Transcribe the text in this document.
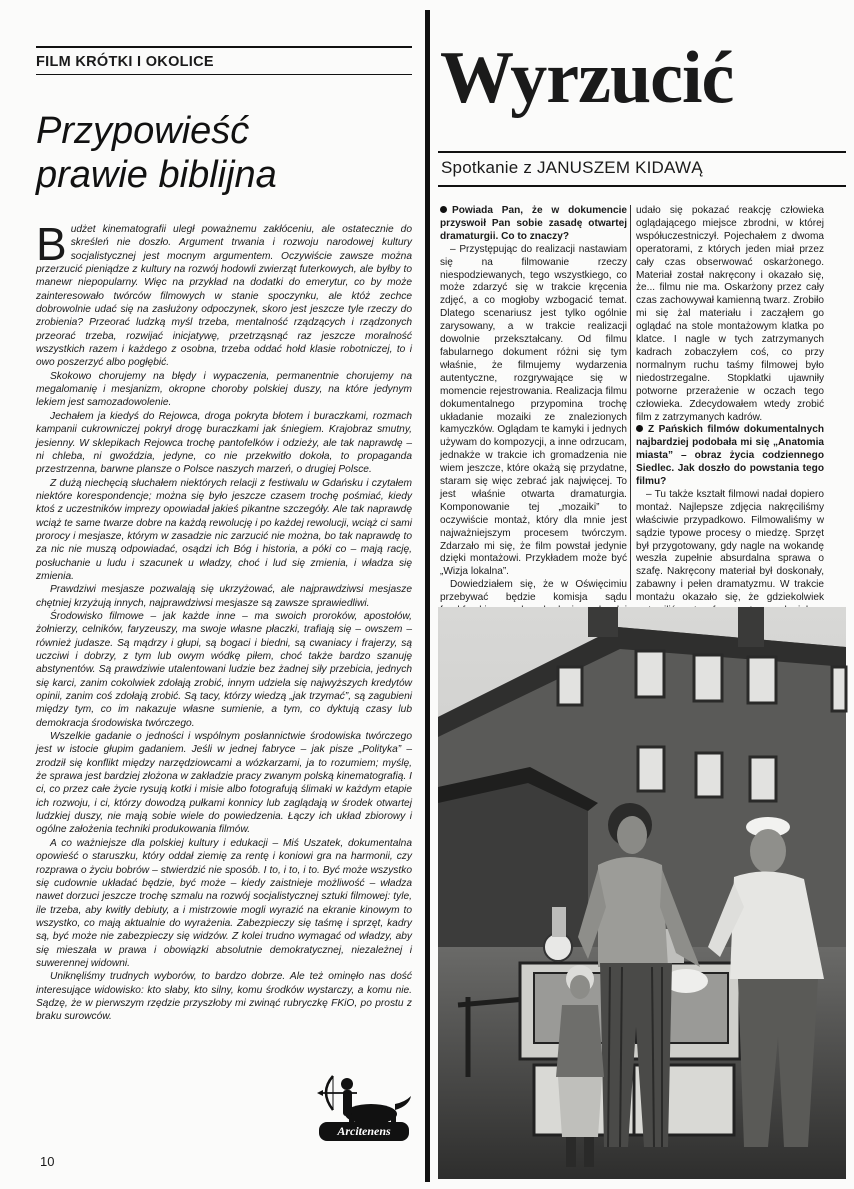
FILM KRÓTKI I OKOLICE
Przypowieść
prawie biblijna

Budżet kinematografii uległ poważnemu zakłóceniu, ale ostatecznie do skreśleń nie doszło. Argument trwania i rozwoju narodowej kultury socjalistycznej jest mocnym argumentem. Oczywiście zawsze można przerzucić pieniądze z kultury na rozwój hodowli zwierząt futerkowych, ale byłby to manewr niepopularny. Więc na przykład na dodatki do emerytur, co by może zainteresowało twórców filmowych w stanie spoczynku, ale któż zechce dobrowolnie udać się na zasłużony odpoczynek, skoro jest jeszcze tyle rzeczy do zrobienia? Przeorać ludzką myśl trzeba, mentalność rządzących i rządzonych przeorać trzeba, rozwijać inicjatywę, przetrząsnąć raz jeszcze moralność wszystkich razem i każdego z osobna, trzeba oddać hołd klasie robotniczej, to i owo poszerzyć albo pogłębić.

Skokowo chorujemy na błędy i wypaczenia, permanentnie chorujemy na megalomanię i mesjanizm, okropne choroby polskiej duszy, na które jedynym lekiem jest samozadowolenie.

Jechałem ja kiedyś do Rejowca, droga pokryta błotem i buraczkami, rozmach kampanii cukrowniczej pokrył drogę buraczkami jak śniegiem. Krajobraz smutny, jesienny. W sklepikach Rejowca trochę pantofelków i odzieży, ale tak naprawdę – ni chleba, ni gwoździa, jedyne, co nie przekwitło dokoła, to propaganda przestrzenna, barwne plansze o Polsce naszych marzeń, o drugiej Polsce.

Z dużą niechęcią słuchałem niektórych relacji z festiwalu w Gdańsku i czytałem niektóre korespondencje; można się było jeszcze czasem trochę pośmiać, kiedy ktoś z uczestników imprezy opowiadał jakieś pikantne szczegóły. Ale tak naprawdę wciąż te same twarze dobre na każdą rewolucję i po każdej rewolucji, wciąż ci sami prorocy i mesjasze, którym w zasadzie nic zarzucić nie można, bo tak naprawdę to za nic nie muszą odpowiadać, osądzi ich Bóg i historia, a póki co – mają rację, posłuchanie u ludu i szacunek u władzy, choć i lud się zmienia, i władza się zmienia.

Prawdziwi mesjasze pozwalają się ukrzyżować, ale najprawdziwsi mesjasze chętniej krzyżują innych, najprawdziwsi mesjasze są zawsze sprawiedliwi.

Środowisko filmowe – jak każde inne – ma swoich proroków, apostołów, żołnierzy, celników, faryzeuszy, ma swoje własne płaczki, trafiają się – owszem – również judasze. Są mądrzy i głupi, są bogaci i biedni, są cwaniacy i frajerzy, są uczciwi i dobrzy, z tym lub owym wódkę piłem, choć także bardzo szanuję abstynentów. Są prawdziwie utalentowani ludzie bez żadnej siły przebicia, jednych się karci, zanim cokolwiek zdołają zrobić, innym udziela się najwyższych kredytów opinii, zanim coś zdołają zrobić. Są tacy, którzy wiedzą „jak trzymać”, są zagubieni między tym, co im nakazuje własne sumienie, a tym, co dyktują czasy lub demokracja środowiska twórczego.

Wszelkie gadanie o jedności i wspólnym posłannictwie środowiska twórczego jest w istocie głupim gadaniem. Jeśli w jednej fabryce – jak pisze „Polityka” – zrodził się konflikt między narzędziowcami a wózkarzami, ja to rozumiem; myślę, że sprawa jest bardziej złożona w zakładzie pracy zwanym polską kinematografią. I ci, co przez całe życie rysują kotki i misie albo fotografują ślimaki w każdym etapie ich rozwoju, i ci, którzy dowodzą pułkami konnicy lub zaglądają w środek otwartej ludzkiej duszy, nie mają sobie wiele do powiedzenia. Łączy ich układ zbiorowy i ogólne założenia techniki produkowania filmów.

A co ważniejsze dla polskiej kultury i edukacji – Miś Uszatek, dokumentalna opowieść o staruszku, który oddał ziemię za rentę i koniowi gra na harmonii, czy rozprawa o życiu bobrów – stwierdzić nie sposób. I to, i to, i to. Być może wszystko się cudownie układać będzie, być może – kiedy zaistnieje możliwość – władza nawet dorzuci jeszcze trochę szmalu na rozwój socjalistycznej sztuki filmowej: tyle, ile trzeba, aby kwitły debiuty, a i mistrzowie mogli wyrazić na ekranie kinowym to wszystko, co mają aktualnie do wyrażenia. Zabezpieczy się taśmę i sprzęt, kadry są, być może nie zabezpieczy się widzów. Z kolei trudno wymagać od władzy, aby się mieszała w prawa i obowiązki absolutnie demokratycznej, niezależnej i suwerennej widowni.

Uniknęliśmy trudnych wyborów, to bardzo dobrze. Ale też ominęło nas dość interesujące widowisko: kto słaby, kto silny, komu środków wystarczy, a komu nie. Sądzę, że w pierwszym rzędzie przyszłoby mi zwinąć rubryczkę FKiO, po prostu z braku surowców.

Arcitenens
10
Wyrzucić
Spotkanie z JANUSZEM KIDAWĄ

Powiada Pan, że w dokumencie przyswoił Pan sobie zasadę otwartej dramaturgii. Co to znaczy?

– Przystępując do realizacji nastawiam się na filmowanie rzeczy niespodziewanych, tego wszystkiego, co może zdarzyć się w trakcie kręcenia zdjęć, a co mogłoby wzbogacić temat. Dlatego scenariusz jest tylko ogólnie zarysowany, a w trakcie realizacji dowolnie przekształcany. Od filmu fabularnego dokument różni się tym właśnie, że filmujemy wydarzenia autentyczne, rozgrywające się w momencie rejestrowania. Realizacja filmu dokumentalnego przypomina trochę układanie mozaiki ze znalezionych kamyczków. Oglądam te kamyki i jednych używam do kompozycji, a inne odrzucam, jednakże w trakcie ich gromadzenia nie wiem jeszcze, które okażą się przydatne, staram się więc zebrać jak najwięcej. To jest właśnie otwarta dramaturgia. Komponowanie tej „mozaiki” to oczywiście montaż, który dla mnie jest najważniejszym procesem twórczym. Zdarzało mi się, że film powstał jedynie dzięki montażowi. Przykładem może być „Wizja lokalna”.

Dowiedziałem się, że w Oświęcimiu przebywać będzie komisja sądu

udało się pokazać reakcję człowieka oglądającego miejsce zbrodni, w której współuczestniczył. Pojechałem z dwoma operatorami, z których jeden miał przez cały czas obserwować oskarżonego. Materiał został nakręcony i okazało się, że... filmu nie ma. Oskarżony przez cały czas zachowywał kamienną twarz. Zrobiło mi się żal materiału i zacząłem go oglądać na stole montażowym klatka po klatce. I nagle w tych zatrzymanych kadrach zobaczyłem coś, co przy normalnym ruchu taśmy filmowej było niedostrzegalne. Stopklatki ujawniły potworne przerażenie w oczach tego człowieka. Zdecydowałem wtedy zrobić film z zatrzymanych kadrów.

Z Pańskich filmów dokumentalnych najbardziej podobała mi się „Anatomia miasta” – obraz życia codziennego Siedlec. Jak doszło do powstania tego filmu?

– Tu także kształt filmowi nadał dopiero montaż. Najlepsze zdjęcia nakręciliśmy właściwie przypadkowo. Filmowaliśmy w sądzie typowe procesy o miedzę. Sprzęt był przygotowany, gdy nagle na wokandę weszła zupełnie absurdalna sprawa o szafę. Nakręcony materiał był doskonały, zabawny i pełen dramatyzmu. W trakcie montażu okazało się, że gdziekolwiek
